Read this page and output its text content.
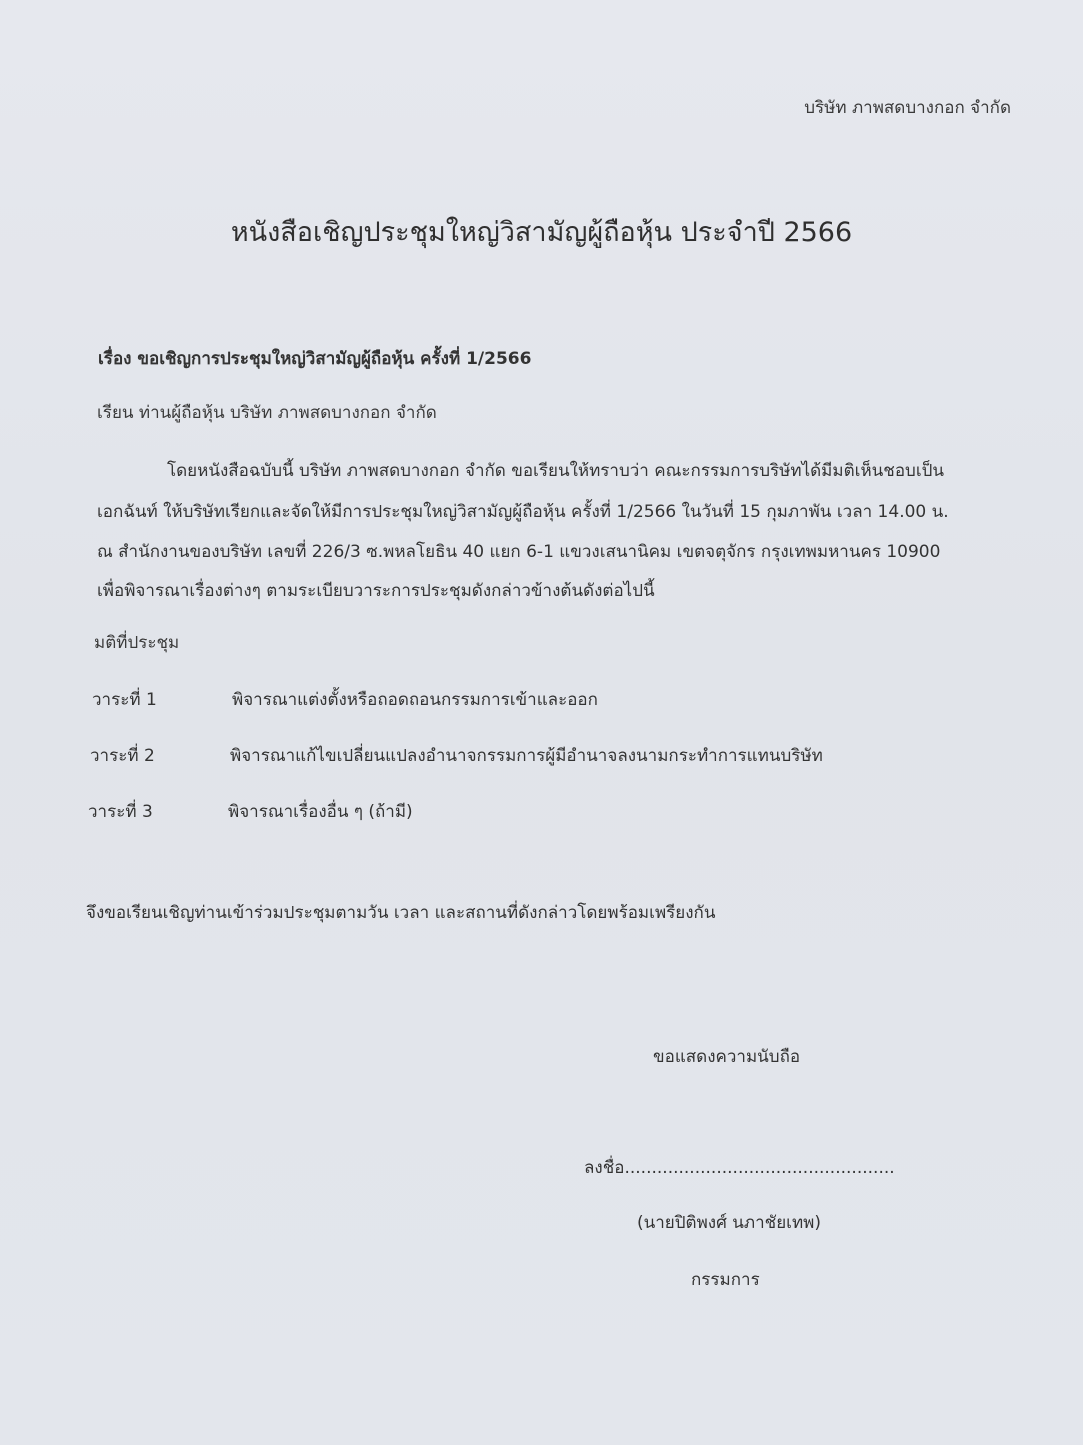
บริษัท ภาพสดบางกอก จำกัด
หนังสือเชิญประชุมใหญ่วิสามัญผู้ถือหุ้น ประจำปี 2566
เรื่อง ขอเชิญการประชุมใหญ่วิสามัญผู้ถือหุ้น ครั้งที่ 1/2566
เรียน ท่านผู้ถือหุ้น บริษัท ภาพสดบางกอก จำกัด
โดยหนังสือฉบับนี้ บริษัท ภาพสดบางกอก จำกัด ขอเรียนให้ทราบว่า คณะกรรมการบริษัทได้มีมติเห็นชอบเป็น
เอกฉันท์ ให้บริษัทเรียกและจัดให้มีการประชุมใหญ่วิสามัญผู้ถือหุ้น ครั้งที่ 1/2566 ในวันที่ 15 กุมภาพัน เวลา 14.00 น.
ณ สำนักงานของบริษัท เลขที่ 226/3 ซ.พหลโยธิน 40 แยก 6-1 แขวงเสนานิคม เขตจตุจักร กรุงเทพมหานคร 10900
เพื่อพิจารณาเรื่องต่างๆ ตามระเบียบวาระการประชุมดังกล่าวข้างต้นดังต่อไปนี้
มติที่ประชุม
วาระที่ 1	พิจารณาแต่งตั้งหรือถอดถอนกรรมการเข้าและออก
วาระที่ 2	พิจารณาแก้ไขเปลี่ยนแปลงอำนาจกรรมการผู้มีอำนาจลงนามกระทำการแทนบริษัท
วาระที่ 3	พิจารณาเรื่องอื่น ๆ (ถ้ามี)
จึงขอเรียนเชิญท่านเข้าร่วมประชุมตามวัน เวลา และสถานที่ดังกล่าวโดยพร้อมเพรียงกัน
ขอแสดงความนับถือ
ลงชื่อ..................................................
(นายปิติพงศ์ นภาชัยเทพ)
กรรมการ
